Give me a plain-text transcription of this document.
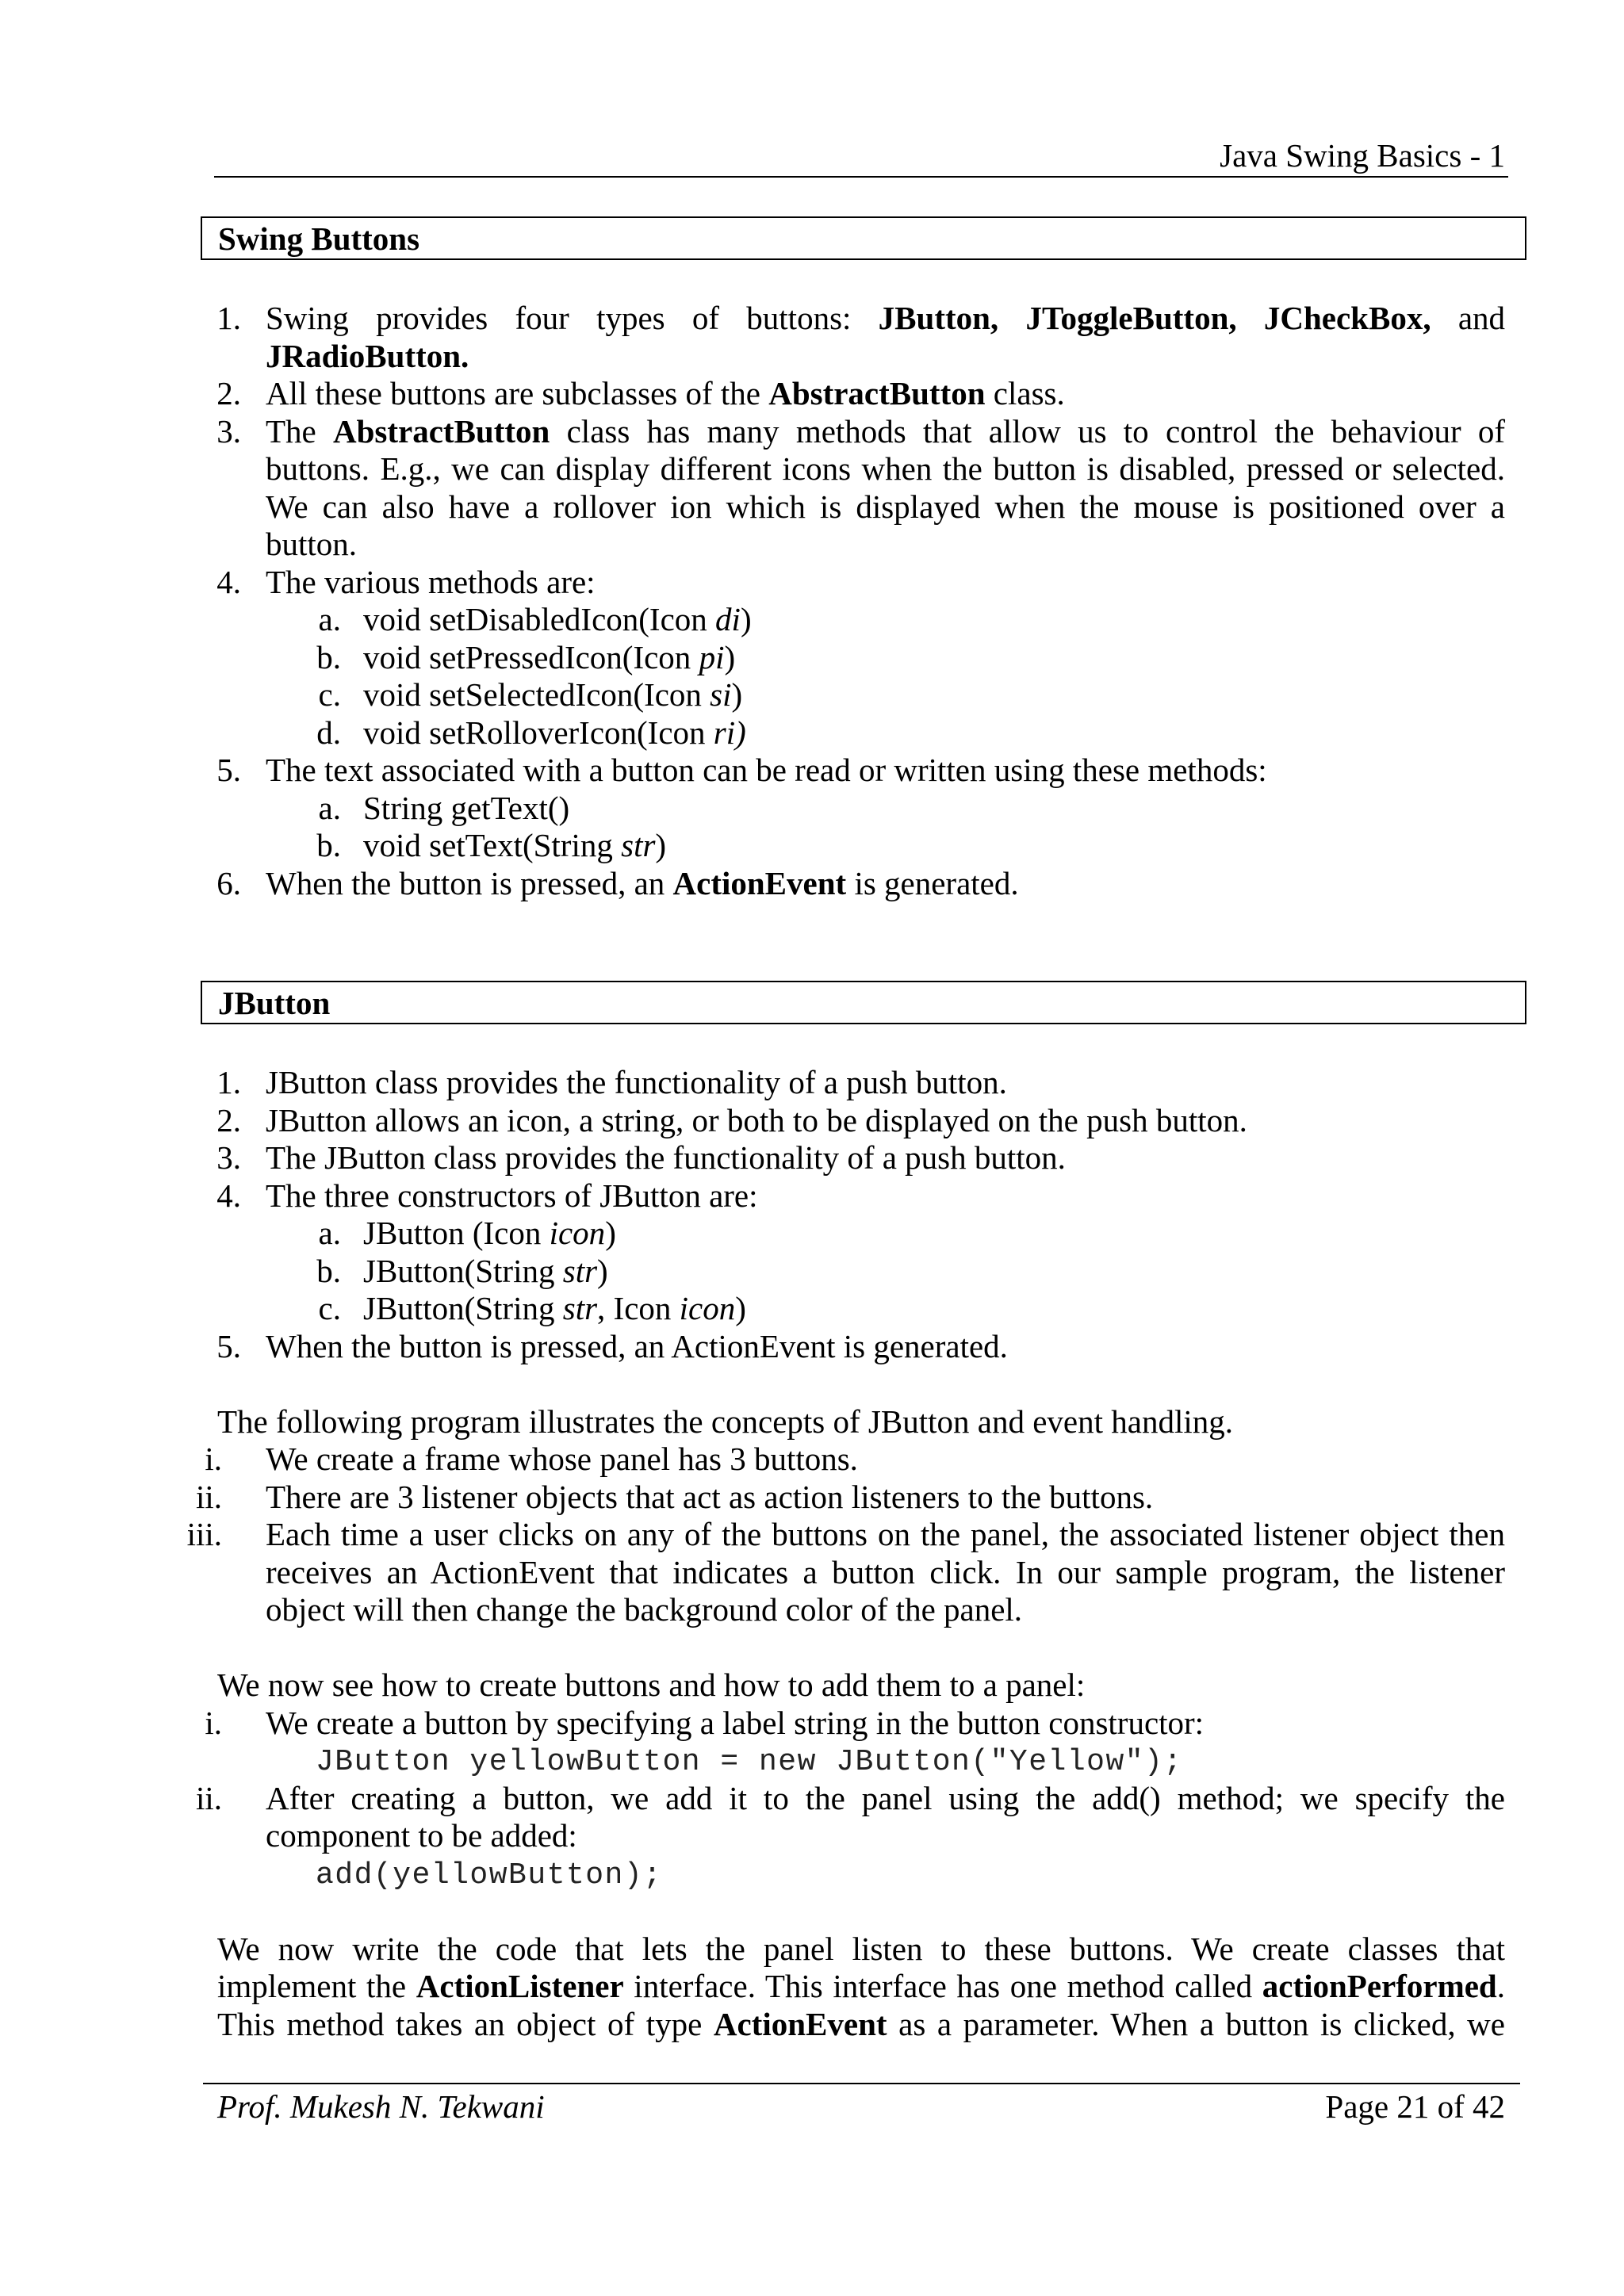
Java Swing Basics - 1
Swing Buttons
1. Swing provides four types of buttons: JButton, JToggleButton, JCheckBox, and
JRadioButton.
2. All these buttons are subclasses of the AbstractButton class.
3. The AbstractButton class has many methods that allow us to control the behaviour of
buttons. E.g., we can display different icons when the button is disabled, pressed or selected.
We can also have a rollover ion which is displayed when the mouse is positioned over a
button.
4. The various methods are:
a. void setDisabledIcon(Icon di)
b. void setPressedIcon(Icon pi)
c. void setSelectedIcon(Icon si)
d. void setRolloverIcon(Icon ri)
5. The text associated with a button can be read or written using these methods:
a. String getText()
b. void setText(String str)
6. When the button is pressed, an ActionEvent is generated.
JButton
1. JButton class provides the functionality of a push button.
2. JButton allows an icon, a string, or both to be displayed on the push button.
3. The JButton class provides the functionality of a push button.
4. The three constructors of JButton are:
a. JButton (Icon icon)
b. JButton(String str)
c. JButton(String str, Icon icon)
5. When the button is pressed, an ActionEvent is generated.
The following program illustrates the concepts of JButton and event handling.
i. We create a frame whose panel has 3 buttons.
ii. There are 3 listener objects that act as action listeners to the buttons.
iii. Each time a user clicks on any of the buttons on the panel, the associated listener object then
receives an ActionEvent that indicates a button click. In our sample program, the listener
object will then change the background color of the panel.
We now see how to create buttons and how to add them to a panel:
i. We create a button by specifying a label string in the button constructor:
JButton yellowButton = new JButton("Yellow");
ii. After creating a button, we add it to the panel using the add() method; we specify the
component to be added:
add(yellowButton);
We now write the code that lets the panel listen to these buttons. We create classes that
implement the ActionListener interface. This interface has one method called actionPerformed.
This method takes an object of type ActionEvent as a parameter. When a button is clicked, we
Prof. Mukesh N. Tekwani	Page 21 of 42
